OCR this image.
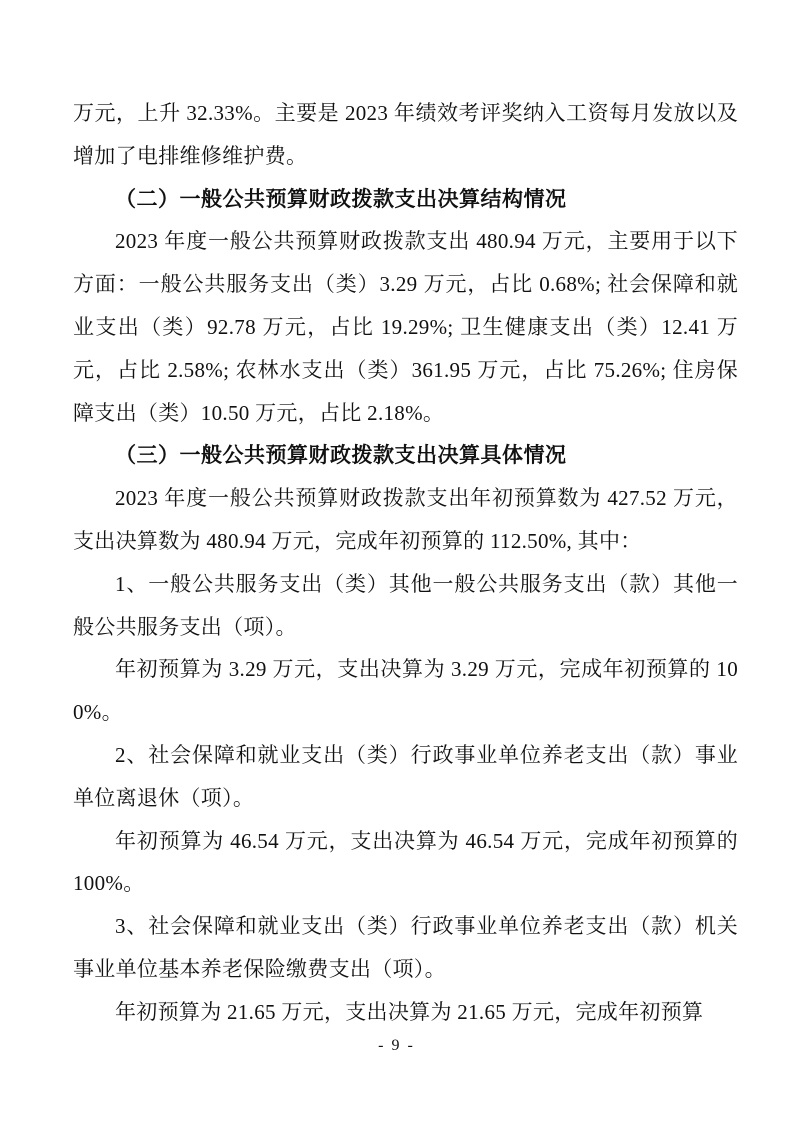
万元，上升 32.33%。主要是 2023 年绩效考评奖纳入工资每月发放以及增加了电排维修维护费。
（二）一般公共预算财政拨款支出决算结构情况
2023 年度一般公共预算财政拨款支出 480.94 万元，主要用于以下方面：一般公共服务支出（类）3.29 万元，占比 0.68%; 社会保障和就业支出（类）92.78 万元，占比 19.29%; 卫生健康支出（类）12.41 万元，占比 2.58%; 农林水支出（类）361.95 万元，占比 75.26%; 住房保障支出（类）10.50 万元，占比 2.18%。
（三）一般公共预算财政拨款支出决算具体情况
2023 年度一般公共预算财政拨款支出年初预算数为 427.52 万元，支出决算数为 480.94 万元，完成年初预算的 112.50%, 其中：
1、一般公共服务支出（类）其他一般公共服务支出（款）其他一般公共服务支出（项）。
年初预算为 3.29 万元，支出决算为 3.29 万元，完成年初预算的 100%。
2、社会保障和就业支出（类）行政事业单位养老支出（款）事业单位离退休（项）。
年初预算为 46.54 万元，支出决算为 46.54 万元，完成年初预算的 100%。
3、社会保障和就业支出（类）行政事业单位养老支出（款）机关事业单位基本养老保险缴费支出（项）。
年初预算为 21.65 万元，支出决算为 21.65 万元，完成年初预算
- 9 -
